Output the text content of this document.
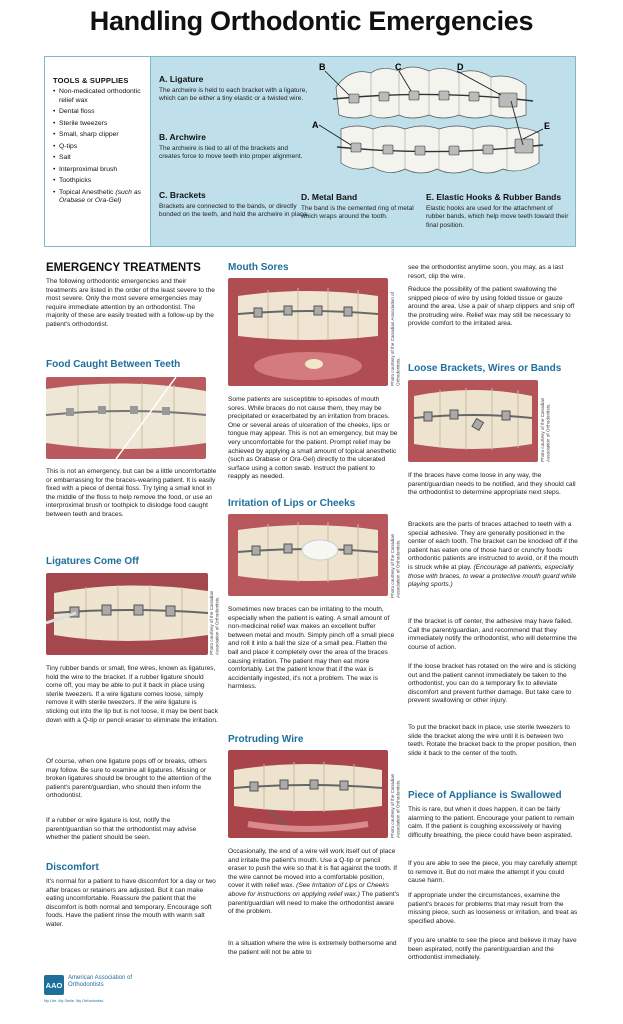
Handling Orthodontic Emergencies
TOOLS & SUPPLIES
• Non-medicated orthodontic relief wax
• Dental floss
• Sterile tweezers
• Small, sharp clipper
• Q-tips
• Salt
• Interproximal brush
• Toothpicks
• Topical Anesthetic (such as Orabase or Ora-Gel)
A. Ligature

The archwire is held to each bracket with a ligature, which can be either a tiny elastic or a twisted wire.

B. Archwire

The archwire is tied to all of the brackets and creates force to move teeth into proper alignment.

C. Brackets

Brackets are connected to the bands, or directly bonded on the teeth, and hold the archwire in place.

D. Metal Band

The band is the cemented ring of metal which wraps around the tooth.

E. Elastic Hooks & Rubber Bands

Elastic hooks are used for the attachment of rubber bands, which help move teeth toward their final position.

B	C	D
A	E
EMERGENCY TREATMENTS
The following orthodontic emergencies and their treatments are listed in the order of the least severe to the most severe. Only the most severe emergencies may require immediate attention by an orthodontist. The majority of these are easily treated with a follow-up by the patient's orthodontist.
Food Caught Between Teeth
This is not an emergency, but can be a little uncomfortable or embarrassing for the braces-wearing patient. It is easily fixed with a piece of dental floss. Try tying a small knot in the middle of the floss to help remove the food, or use an interproximal brush or toothpick to dislodge food caught between teeth and braces.
Ligatures Come Off
Photo courtesy of the Canadian Association of Orthodontists.
Tiny rubber bands or small, fine wires, known as ligatures, hold the wire to the bracket. If a rubber ligature should come off, you may be able to put it back in place using sterile tweezers. If a wire ligature comes loose, simply remove it with sterile tweezers. If the wire ligature is sticking out into the lip but is not loose, it may be bent back down with a Q-tip or pencil eraser to eliminate the irritation.
Of course, when one ligature pops off or breaks, others may follow. Be sure to examine all ligatures. Missing or broken ligatures should be brought to the attention of the patient's parent/guardian, who should then inform the orthodontist.
If a rubber or wire ligature is lost, notify the parent/guardian so that the orthodontist may advise whether the patient should be seen.
Discomfort
It's normal for a patient to have discomfort for a day or two after braces or retainers are adjusted. But it can make eating uncomfortable. Reassure the patient that the discomfort is both normal and temporary. Encourage soft foods. Have the patient rinse the mouth with warm salt water.
AAO
American Association of Orthodontists
My Life. My Smile. My Orthodontist.
Mouth Sores
Photo courtesy of the Canadian Association of Orthodontists.
Some patients are susceptible to episodes of mouth sores. While braces do not cause them, they may be precipitated or exacerbated by an irritation from braces. One or several areas of ulceration of the cheeks, lips or tongue may appear. This is not an emergency, but may be very uncomfortable for the patient. Prompt relief may be achieved by applying a small amount of topical anesthetic (such as Orabase or Ora-Gel) directly to the ulcerated surface using a cotton swab. Instruct the patient to reapply as needed.
Irritation of Lips or Cheeks
Photo courtesy of the Canadian Association of Orthodontists.
Sometimes new braces can be irritating to the mouth, especially when the patient is eating. A small amount of non-medicinal relief wax makes an excellent buffer between metal and mouth. Simply pinch off a small piece and roll it into a ball the size of a small pea. Flatten the ball and place it completely over the area of the braces causing irritation. The patient may then eat more comfortably. Let the patient know that if the wax is accidentally ingested, it's not a problem. The wax is harmless.
Protruding Wire
Photo courtesy of the Canadian Association of Orthodontists.
Occasionally, the end of a wire will work itself out of place and irritate the patient's mouth. Use a Q-tip or pencil eraser to push the wire so that it is flat against the tooth. If the wire cannot be moved into a comfortable position, cover it with relief wax. (See Irritation of Lips or Cheeks above for instructions on applying relief wax.) The patient's parent/guardian will need to make the orthodontist aware of the problem.
In a situation where the wire is extremely bothersome and the patient will not be able to
see the orthodontist anytime soon, you may, as a last resort, clip the wire.
Reduce the possibility of the patient swallowing the snipped piece of wire by using folded tissue or gauze around the area. Use a pair of sharp clippers and snip off the protruding wire. Relief wax may still be necessary to provide comfort to the irritated area.
Loose Brackets, Wires or Bands
Photo courtesy of the Canadian Association of Orthodontists.
If the braces have come loose in any way, the parent/guardian needs to be notified, and they should call the orthodontist to determine appropriate next steps.
Brackets are the parts of braces attached to teeth with a special adhesive. They are generally positioned in the center of each tooth. The bracket can be knocked off if the patient has eaten one of those hard or crunchy foods orthodontic patients are instructed to avoid, or if the mouth is struck while at play. (Encourage all patients, especially those with braces, to wear a protective mouth guard while playing sports.)
If the bracket is off center, the adhesive may have failed. Call the parent/guardian, and recommend that they immediately notify the orthodontist, who will determine the course of action.
If the loose bracket has rotated on the wire and is sticking out and the patient cannot immediately be taken to the orthodontist, you can do a temporary fix to alleviate discomfort and prevent further damage. But take care to prevent swallowing or other injury.
To put the bracket back in place, use sterile tweezers to slide the bracket along the wire until it is between two teeth. Rotate the bracket back to the proper position, then slide it back to the center of the tooth.
Piece of Appliance is Swallowed
This is rare, but when it does happen, it can be fairly alarming to the patient. Encourage your patient to remain calm. If the patient is coughing excessively or having difficulty breathing, the piece could have been aspirated.
If you are able to see the piece, you may carefully attempt to remove it. But do not make the attempt if you could cause harm.
If appropriate under the circumstances, examine the patient's braces for problems that may result from the missing piece, such as looseness or irritation, and treat as specified above.
If you are unable to see the piece and believe it may have been aspirated, notify the parent/guardian and the orthodontist immediately.
